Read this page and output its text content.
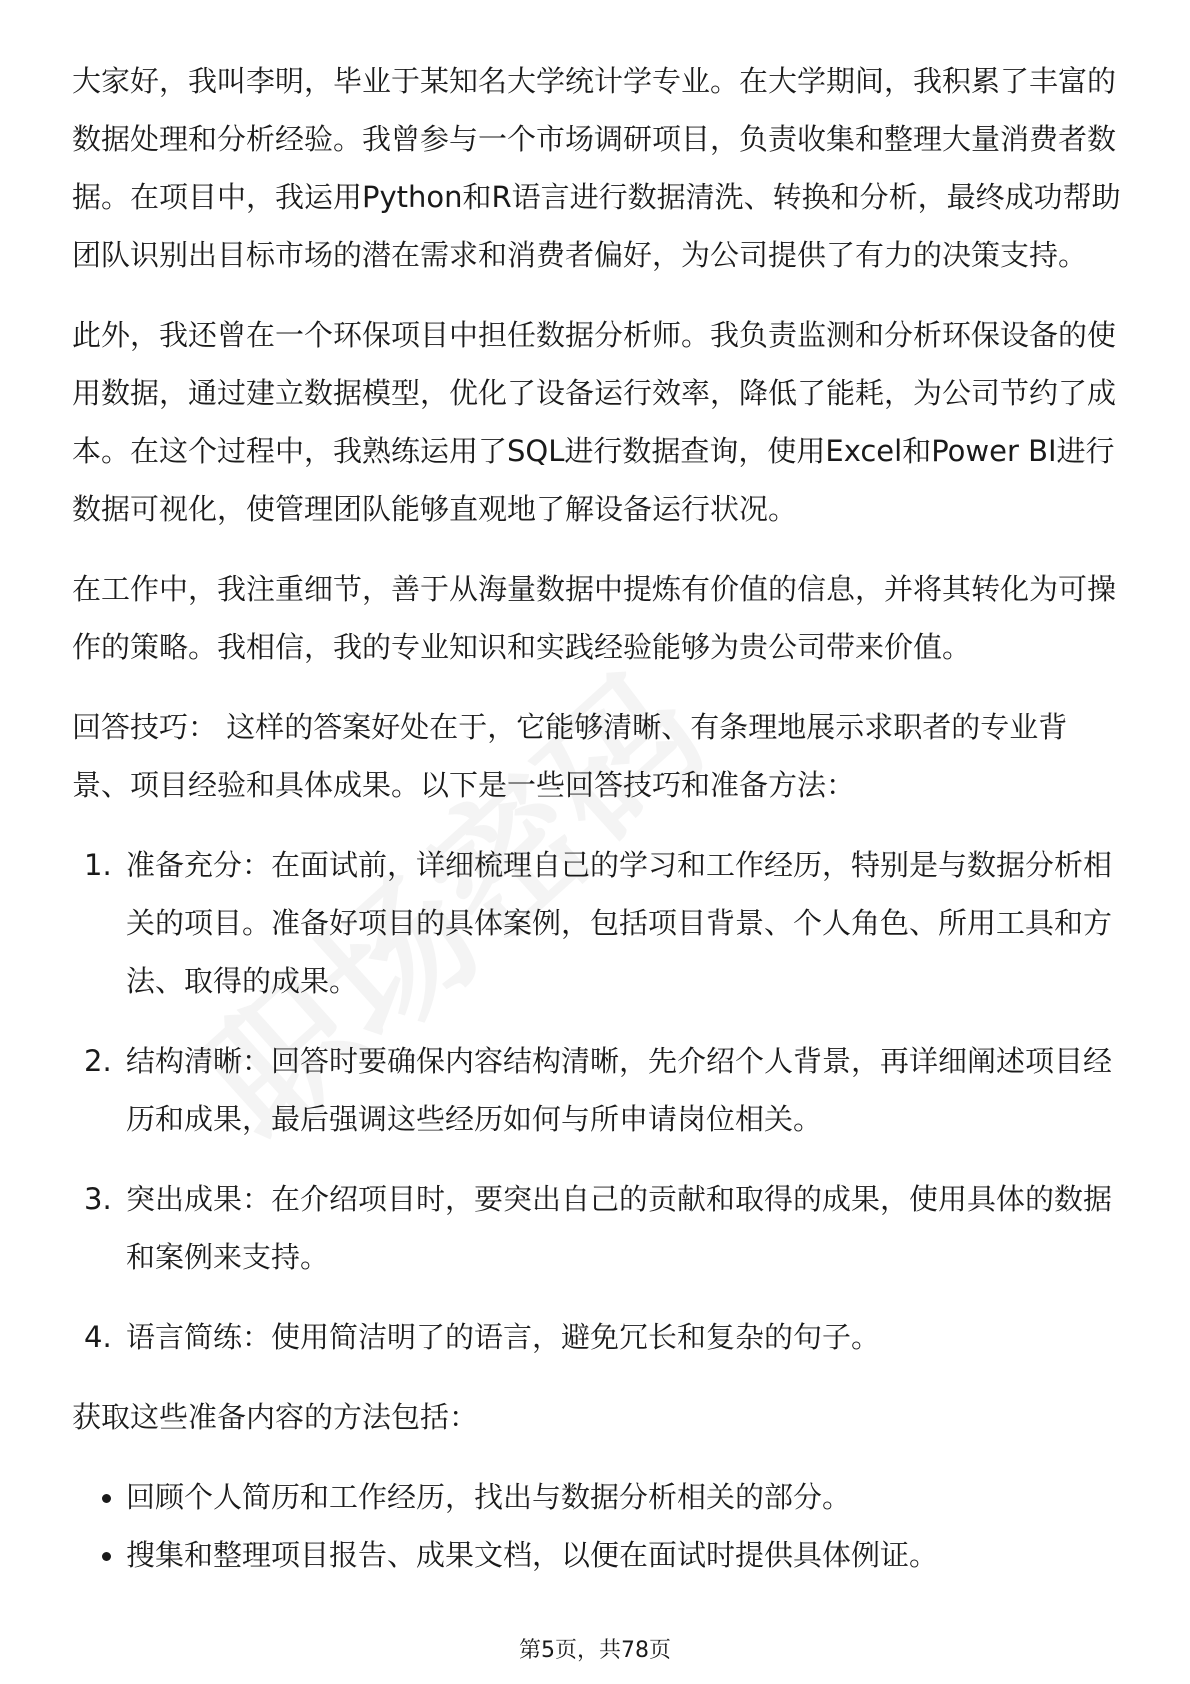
大家好，我叫李明，毕业于某知名大学统计学专业。在大学期间，我积累了丰富的数据处理和分析经验。我曾参与一个市场调研项目，负责收集和整理大量消费者数据。在项目中，我运用Python和R语言进行数据清洗、转换和分析，最终成功帮助团队识别出目标市场的潜在需求和消费者偏好，为公司提供了有力的决策支持。

此外，我还曾在一个环保项目中担任数据分析师。我负责监测和分析环保设备的使用数据，通过建立数据模型，优化了设备运行效率，降低了能耗，为公司节约了成本。在这个过程中，我熟练运用了SQL进行数据查询，使用Excel和Power BI进行数据可视化，使管理团队能够直观地了解设备运行状况。

在工作中，我注重细节，善于从海量数据中提炼有价值的信息，并将其转化为可操作的策略。我相信，我的专业知识和实践经验能够为贵公司带来价值。

回答技巧： 这样的答案好处在于，它能够清晰、有条理地展示求职者的专业背景、项目经验和具体成果。以下是一些回答技巧和准备方法：

1. 准备充分：在面试前，详细梳理自己的学习和工作经历，特别是与数据分析相关的项目。准备好项目的具体案例，包括项目背景、个人角色、所用工具和方法、取得的成果。
2. 结构清晰：回答时要确保内容结构清晰，先介绍个人背景，再详细阐述项目经历和成果，最后强调这些经历如何与所申请岗位相关。
3. 突出成果：在介绍项目时，要突出自己的贡献和取得的成果，使用具体的数据和案例来支持。
4. 语言简练：使用简洁明了的语言，避免冗长和复杂的句子。

获取这些准备内容的方法包括：

回顾个人简历和工作经历，找出与数据分析相关的部分。
搜集和整理项目报告、成果文档，以便在面试时提供具体例证。
第5页，共78页
